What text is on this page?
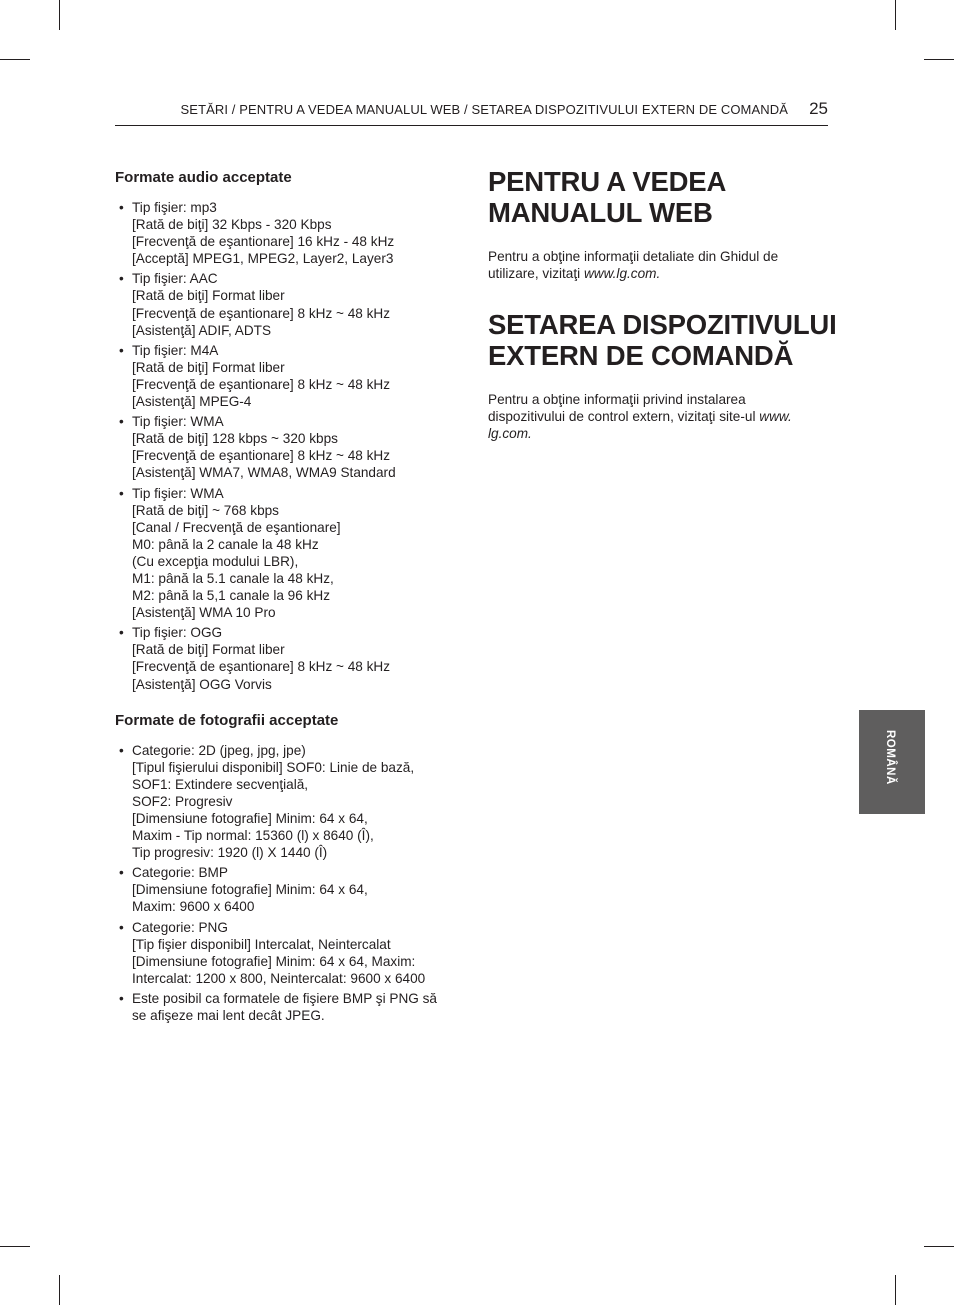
SETĂRI / PENTRU A VEDEA MANUALUL WEB / SETAREA DISPOZITIVULUI EXTERN DE COMANDĂ 25
Formate audio acceptate
• Tip fişier: mp3
[Rată de biţi] 32 Kbps - 320 Kbps
[Frecvenţă de eşantionare] 16 kHz - 48 kHz
[Acceptă] MPEG1, MPEG2, Layer2, Layer3
• Tip fişier: AAC
[Rată de biţi] Format liber
[Frecvenţă de eşantionare] 8 kHz ~ 48 kHz
[Asistenţă] ADIF, ADTS
• Tip fişier: M4A
[Rată de biţi] Format liber
[Frecvenţă de eşantionare] 8 kHz ~ 48 kHz
[Asistenţă] MPEG-4
• Tip fişier: WMA
[Rată de biţi] 128 kbps ~ 320 kbps
[Frecvenţă de eşantionare] 8 kHz ~ 48 kHz
[Asistenţă] WMA7, WMA8, WMA9 Standard
• Tip fişier: WMA
[Rată de biţi] ~ 768 kbps
[Canal / Frecvenţă de eşantionare]
M0: până la 2 canale la 48 kHz
(Cu excepţia modului LBR),
M1: până la 5.1 canale la 48 kHz,
M2: până la 5,1 canale la 96 kHz
[Asistenţă] WMA 10 Pro
• Tip fişier: OGG
[Rată de biţi] Format liber
[Frecvenţă de eşantionare] 8 kHz ~ 48 kHz
[Asistenţă] OGG Vorvis
Formate de fotografii acceptate
• Categorie: 2D (jpeg, jpg, jpe)
[Tipul fişierului disponibil] SOF0: Linie de bază,
SOF1: Extindere secvenţială,
SOF2: Progresiv
[Dimensiune fotografie] Minim: 64 x 64,
Maxim - Tip normal: 15360 (l) x 8640 (Î),
Tip progresiv: 1920 (l) X 1440 (Î)
• Categorie: BMP
[Dimensiune fotografie] Minim: 64 x 64,
Maxim: 9600 x 6400
• Categorie: PNG
[Tip fişier disponibil] Intercalat, Neintercalat
[Dimensiune fotografie] Minim: 64 x 64, Maxim:
Intercalat: 1200 x 800, Neintercalat: 9600 x 6400
• Este posibil ca formatele de fişiere BMP şi PNG să
se afişeze mai lent decât JPEG.
PENTRU A VEDEA
MANUALUL WEB

Pentru a obţine informaţii detaliate din Ghidul de
utilizare, vizitaţi www.lg.com.

SETAREA DISPOZITIVULUI
EXTERN DE COMANDĂ

Pentru a obţine informaţii privind instalarea
dispozitivului de control extern, vizitaţi site-ul www.
lg.com.

ROMÂNĂ
